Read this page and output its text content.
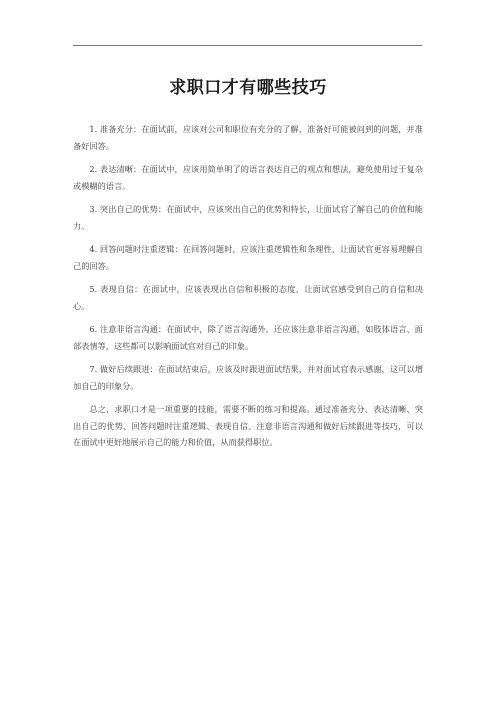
求职口才有哪些技巧

1. 准备充分：在面试前，应该对公司和职位有充分的了解，准备好可能被问到的问题，并准备好回答。

2. 表达清晰：在面试中，应该用简单明了的语言表达自己的观点和想法，避免使用过于复杂或模糊的语言。

3. 突出自己的优势：在面试中，应该突出自己的优势和特长，让面试官了解自己的价值和能力。

4. 回答问题时注重逻辑：在回答问题时，应该注重逻辑性和条理性，让面试官更容易理解自己的回答。

5. 表现自信：在面试中，应该表现出自信和积极的态度，让面试官感受到自己的自信和决心。

6. 注意非语言沟通：在面试中，除了语言沟通外，还应该注意非语言沟通，如肢体语言、面部表情等，这些都可以影响面试官对自己的印象。

7. 做好后续跟进：在面试结束后，应该及时跟进面试结果，并对面试官表示感谢，这可以增加自己的印象分。

总之，求职口才是一项重要的技能，需要不断的练习和提高。通过准备充分、表达清晰、突出自己的优势、回答问题时注重逻辑、表现自信、注意非语言沟通和做好后续跟进等技巧，可以在面试中更好地展示自己的能力和价值，从而获得职位。
